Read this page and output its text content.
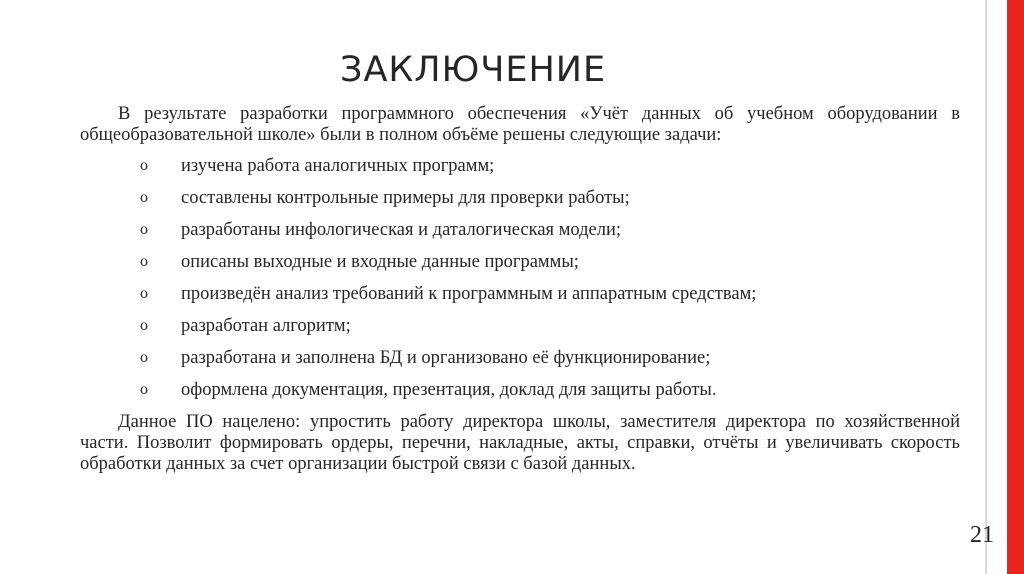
ЗАКЛЮЧЕНИЕ

В результате разработки программного обеспечения «Учёт данных об учебном оборудовании в общеобразовательной школе» были в полном объёме решены следующие задачи:

o изучена работа аналогичных программ;
o составлены контрольные примеры для проверки работы;
o разработаны инфологическая и даталогическая модели;
o описаны выходные и входные данные программы;
o произведён анализ требований к программным и аппаратным средствам;
o разработан алгоритм;
o разработана и заполнена БД и организовано её функционирование;
o оформлена документация, презентация, доклад для защиты работы.

Данное ПО нацелено: упростить работу директора школы, заместителя директора по хозяйственной части. Позволит формировать ордеры, перечни, накладные, акты, справки, отчёты и увеличивать скорость обработки данных за счет организации быстрой связи с базой данных.

21
